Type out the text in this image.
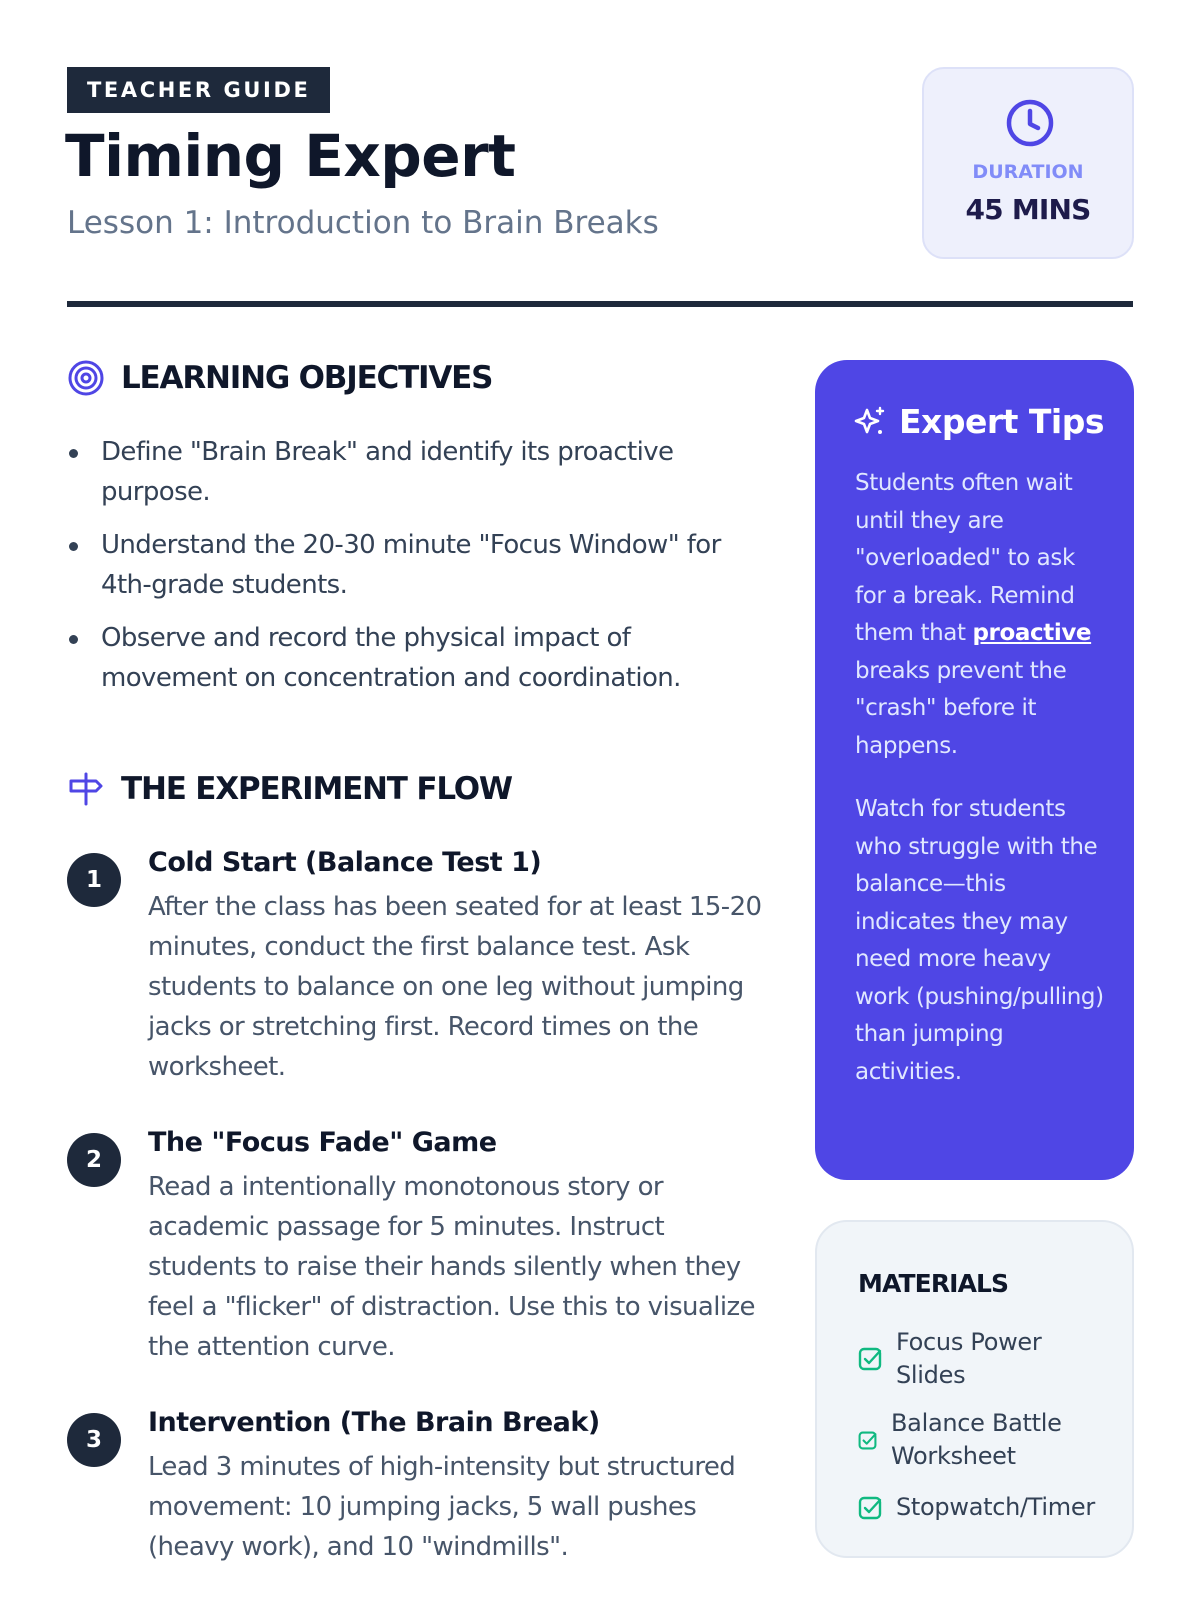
TEACHER GUIDE
Timing Expert
Lesson 1: Introduction to Brain Breaks
DURATION
45 MINS
LEARNING OBJECTIVES
Define "Brain Break" and identify its proactive purpose.
Understand the 20-30 minute "Focus Window" for 4th-grade students.
Observe and record the physical impact of movement on concentration and coordination.
THE EXPERIMENT FLOW
1
Cold Start (Balance Test 1)
After the class has been seated for at least 15-20 minutes, conduct the first balance test. Ask students to balance on one leg without jumping jacks or stretching first. Record times on the worksheet.
2
The "Focus Fade" Game
Read a intentionally monotonous story or academic passage for 5 minutes. Instruct students to raise their hands silently when they feel a "flicker" of distraction. Use this to visualize the attention curve.
3
Intervention (The Brain Break)
Lead 3 minutes of high-intensity but structured movement: 10 jumping jacks, 5 wall pushes (heavy work), and 10 "windmills".
Expert Tips

Students often wait until they are "overloaded" to ask for a break. Remind them that proactive breaks prevent the "crash" before it happens.

Watch for students who struggle with the balance—this indicates they may need more heavy work (pushing/pulling) than jumping activities.

MATERIALS
Focus Power Slides
Balance Battle Worksheet
Stopwatch/Timer
